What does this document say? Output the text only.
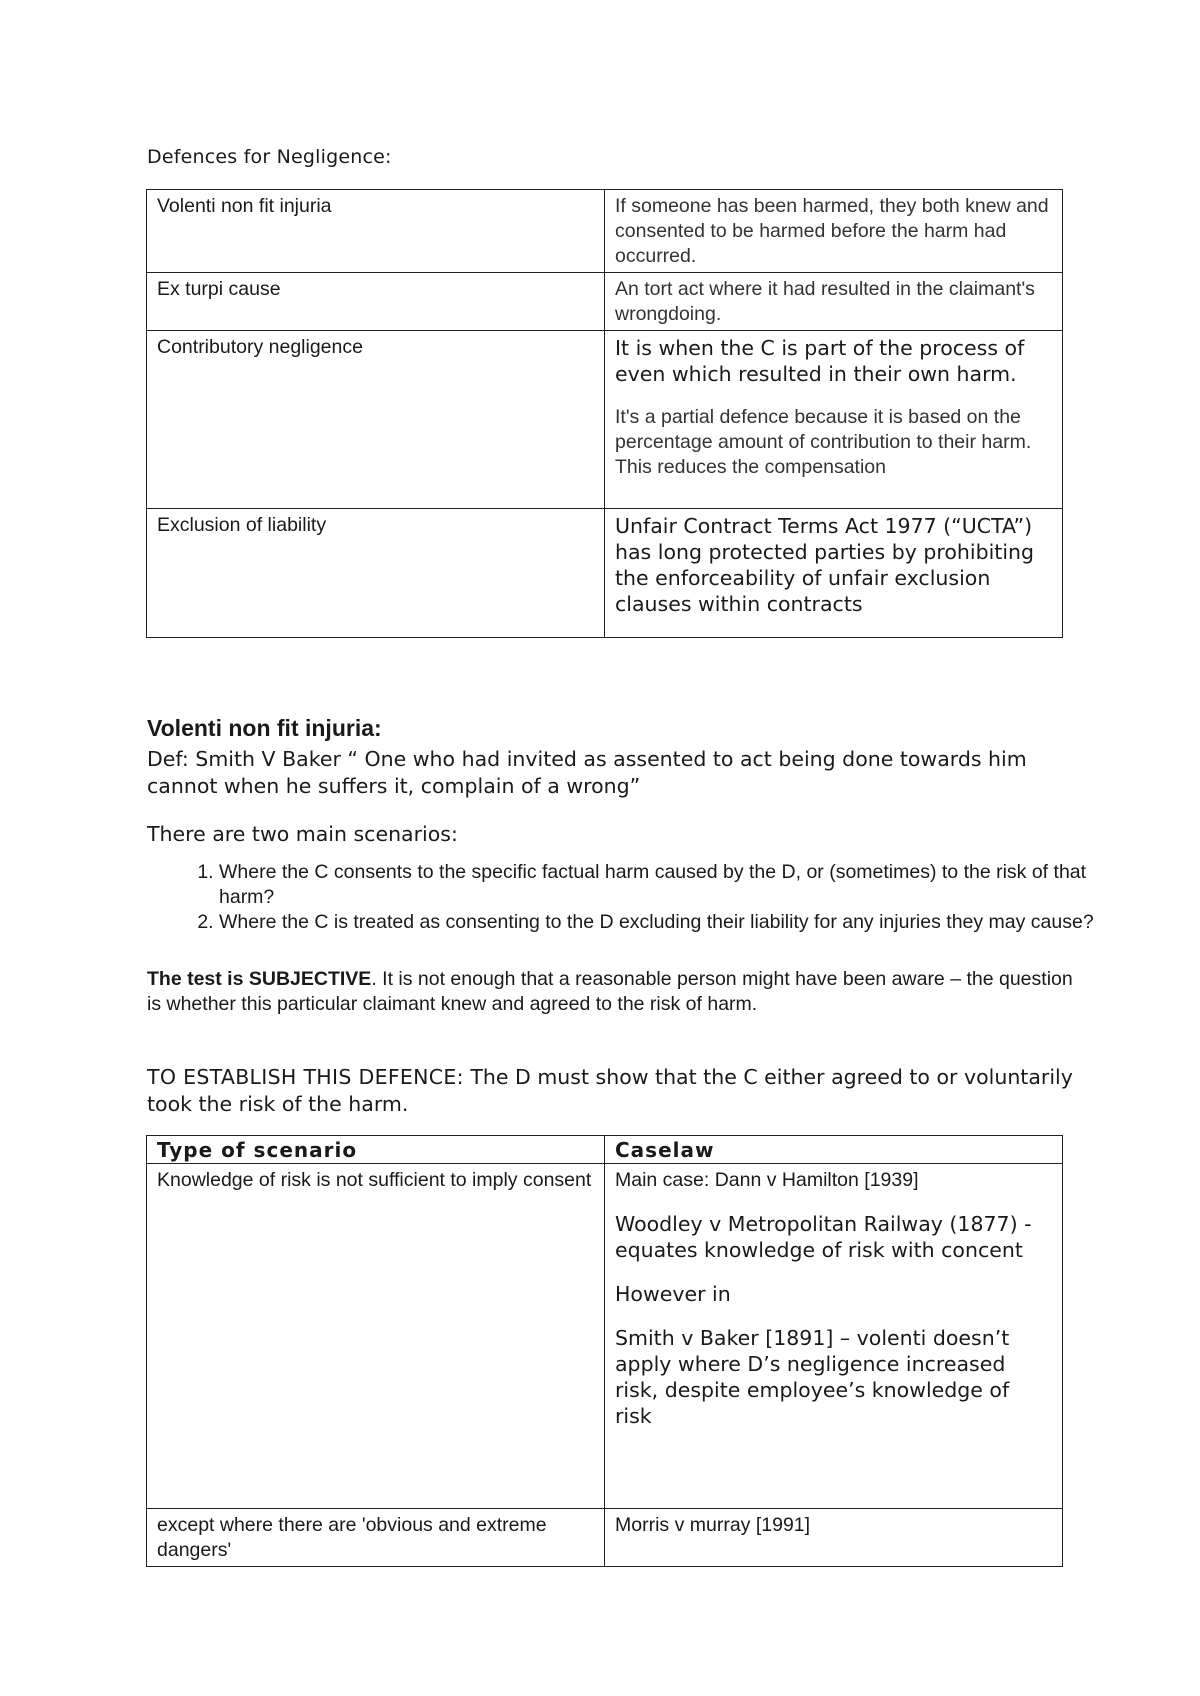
Defences for Negligence:
Volenti non fit injuria	If someone has been harmed, they both knew and consented to be harmed before the harm had occurred.
Ex turpi cause	An tort act where it had resulted in the claimant's wrongdoing.
Contributory negligence	It is when the C is part of the process of even which resulted in their own harm.
It's a partial defence because it is based on the percentage amount of contribution to their harm. This reduces the compensation

Exclusion of liability	Unfair Contract Terms Act 1977 (“UCTA”) has long protected parties by prohibiting the enforceability of unfair exclusion clauses within contracts
Volenti non fit injuria:
Def: Smith V Baker “ One who had invited as assented to act being done towards him cannot when he suffers it, complain of a wrong”
There are two main scenarios:
1. Where the C consents to the specific factual harm caused by the D, or (sometimes) to the risk of that harm?
2. Where the C is treated as consenting to the D excluding their liability for any injuries they may cause?
The test is SUBJECTIVE. It is not enough that a reasonable person might have been aware – the question is whether this particular claimant knew and agreed to the risk of harm.
TO ESTABLISH THIS DEFENCE: The D must show that the C either agreed to or voluntarily took the risk of the harm.
Type of scenario	Caselaw
Knowledge of risk is not sufficient to imply consent	Main case: Dann v Hamilton [1939]
Woodley v Metropolitan Railway (1877) - equates knowledge of risk with concent
However in
Smith v Baker [1891] – volenti doesn’t apply where D’s negligence increased risk, despite employee’s knowledge of risk

except where there are 'obvious and extreme dangers'	Morris v murray [1991]
